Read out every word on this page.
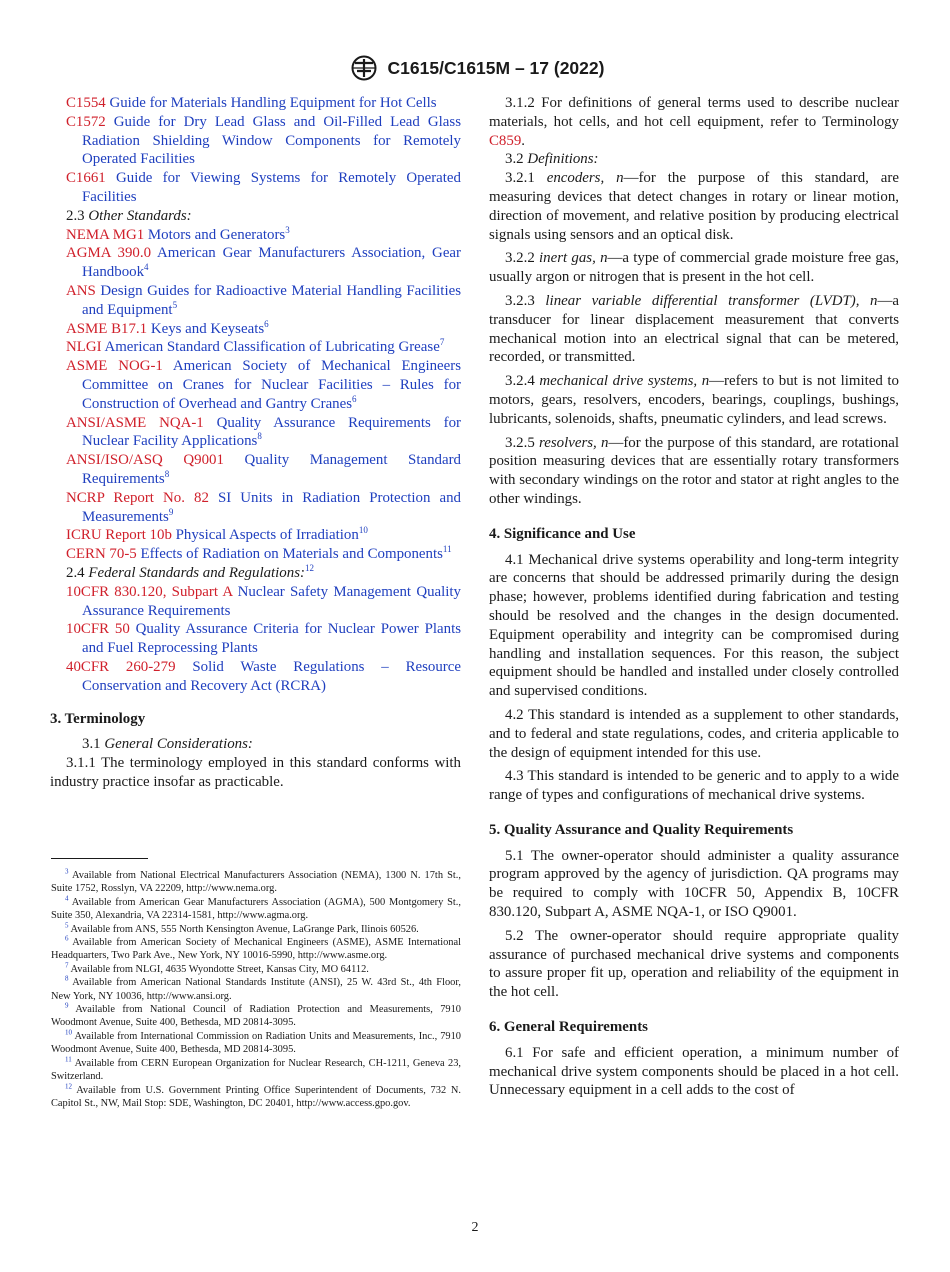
C1615/C1615M – 17 (2022)

C1554 Guide for Materials Handling Equipment for Hot Cells

C1572 Guide for Dry Lead Glass and Oil-Filled Lead Glass Radiation Shielding Window Components for Remotely Operated Facilities

C1661 Guide for Viewing Systems for Remotely Operated Facilities

2.3 Other Standards:

NEMA MG1 Motors and Generators$^3$

AGMA 390.0 American Gear Manufacturers Association, Gear Handbook$^4$

ANS Design Guides for Radioactive Material Handling Facilities and Equipment$^5$

ASME B17.1 Keys and Keyseats$^6$

NLGI American Standard Classification of Lubricating Grease$^7$

ASME NOG-1 American Society of Mechanical Engineers Committee on Cranes for Nuclear Facilities – Rules for Construction of Overhead and Gantry Cranes$^6$

ANSI/ASME NQA-1 Quality Assurance Requirements for Nuclear Facility Applications$^8$

ANSI/ISO/ASQ Q9001 Quality Management Standard Requirements$^8$

NCRP Report No. 82 SI Units in Radiation Protection and Measurements$^9$

ICRU Report 10b Physical Aspects of Irradiation$^{10}$

CERN 70-5 Effects of Radiation on Materials and Components$^{11}$

2.4 Federal Standards and Regulations:$^{12}$

10CFR 830.120, Subpart A Nuclear Safety Management Quality Assurance Requirements

10CFR 50 Quality Assurance Criteria for Nuclear Power Plants and Fuel Reprocessing Plants

40CFR 260-279 Solid Waste Regulations – Resource Conservation and Recovery Act (RCRA)

3. Terminology

3.1 General Considerations:

3.1.1 The terminology employed in this standard conforms with industry practice insofar as practicable.

3.1.2 For definitions of general terms used to describe nuclear materials, hot cells, and hot cell equipment, refer to Terminology C859.

3.2 Definitions:

3.2.1 encoders, n—for the purpose of this standard, are measuring devices that detect changes in rotary or linear motion, direction of movement, and relative position by producing electrical signals using sensors and an optical disk.

3.2.2 inert gas, n—a type of commercial grade moisture free gas, usually argon or nitrogen that is present in the hot cell.

3.2.3 linear variable differential transformer (LVDT), n—a transducer for linear displacement measurement that converts mechanical motion into an electrical signal that can be metered, recorded, or transmitted.

3.2.4 mechanical drive systems, n—refers to but is not limited to motors, gears, resolvers, encoders, bearings, couplings, bushings, lubricants, solenoids, shafts, pneumatic cylinders, and lead screws.

3.2.5 resolvers, n—for the purpose of this standard, are rotational position measuring devices that are essentially rotary transformers with secondary windings on the rotor and stator at right angles to the other windings.

4. Significance and Use

4.1 Mechanical drive systems operability and long-term integrity are concerns that should be addressed primarily during the design phase; however, problems identified during fabrication and testing should be resolved and the changes in the design documented. Equipment operability and integrity can be compromised during handling and installation sequences. For this reason, the subject equipment should be handled and installed under closely controlled and supervised conditions.

4.2 This standard is intended as a supplement to other standards, and to federal and state regulations, codes, and criteria applicable to the design of equipment intended for this use.

4.3 This standard is intended to be generic and to apply to a wide range of types and configurations of mechanical drive systems.

5. Quality Assurance and Quality Requirements

5.1 The owner-operator should administer a quality assurance program approved by the agency of jurisdiction. QA programs may be required to comply with 10CFR 50, Appendix B, 10CFR 830.120, Subpart A, ASME NQA-1, or ISO Q9001.

5.2 The owner-operator should require appropriate quality assurance of purchased mechanical drive systems and components to assure proper fit up, operation and reliability of the equipment in the hot cell.

6. General Requirements

6.1 For safe and efficient operation, a minimum number of mechanical drive system components should be placed in a hot cell. Unnecessary equipment in a cell adds to the cost of

$^3$ Available from National Electrical Manufacturers Association (NEMA), 1300 N. 17th St., Suite 1752, Rosslyn, VA 22209, http://www.nema.org.

$^4$ Available from American Gear Manufacturers Association (AGMA), 500 Montgomery St., Suite 350, Alexandria, VA 22314-1581, http://www.agma.org.

$^5$ Available from ANS, 555 North Kensington Avenue, LaGrange Park, Ilinois 60526.

$^6$ Available from American Society of Mechanical Engineers (ASME), ASME International Headquarters, Two Park Ave., New York, NY 10016-5990, http://www.asme.org.

$^7$ Available from NLGI, 4635 Wyondotte Street, Kansas City, MO 64112.

$^8$ Available from American National Standards Institute (ANSI), 25 W. 43rd St., 4th Floor, New York, NY 10036, http://www.ansi.org.

$^9$ Available from National Council of Radiation Protection and Measurements, 7910 Woodmont Avenue, Suite 400, Bethesda, MD 20814-3095.

$^{10}$ Available from International Commission on Radiation Units and Measurements, Inc., 7910 Woodmont Avenue, Suite 400, Bethesda, MD 20814-3095.

$^{11}$ Available from CERN European Organization for Nuclear Research, CH-1211, Geneva 23, Switzerland.

$^{12}$ Available from U.S. Government Printing Office Superintendent of Documents, 732 N. Capitol St., NW, Mail Stop: SDE, Washington, DC 20401, http://www.access.gpo.gov.

2
